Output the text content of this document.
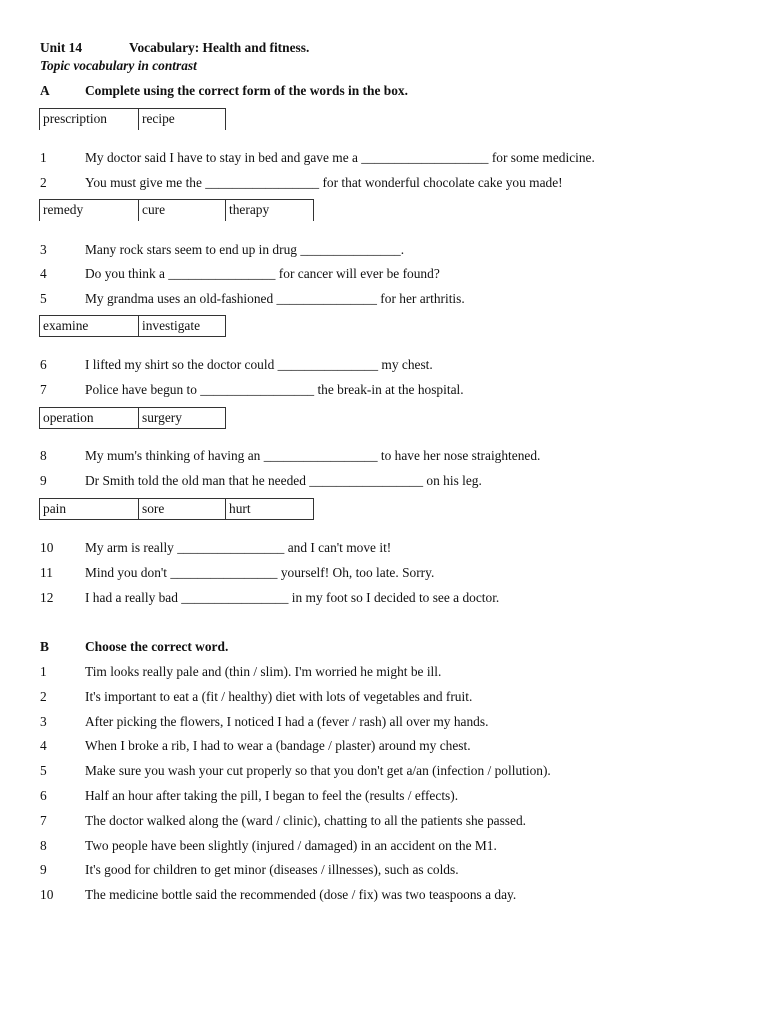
Unit 14	Vocabulary: Health and fitness.
Topic vocabulary in contrast
A	Complete using the correct form of the words in the box.
prescription	recipe
1	My doctor said I have to stay in bed and gave me a ___________________ for some medicine.
2	You must give me the _________________ for that wonderful chocolate cake you made!
remedy	cure	therapy
3	Many rock stars seem to end up in drug _______________.
4	Do you think a ________________ for cancer will ever be found?
5	My grandma uses an old-fashioned _______________ for her arthritis.
examine	investigate
6	I lifted my shirt so the doctor could _______________ my chest.
7	Police have begun to _________________ the break-in at the hospital.
operation	surgery
8	My mum's thinking of having an _________________ to have her nose straightened.
9	Dr Smith told the old man that he needed _________________ on his leg.
pain	sore	hurt
10 My arm is really ________________ and I can't move it!
11 Mind you don't ________________ yourself! Oh, too late. Sorry.
12 I had a really bad ________________ in my foot so I decided to see a doctor.
B	Choose the correct word.
1	Tim looks really pale and (thin / slim). I'm worried he might be ill.
2	It's important to eat a (fit / healthy) diet with lots of vegetables and fruit.
3	After picking the flowers, I noticed I had a (fever / rash) all over my hands.
4	When I broke a rib, I had to wear a (bandage / plaster) around my chest.
5	Make sure you wash your cut properly so that you don't get a/an (infection / pollution).
6	Half an hour after taking the pill, I began to feel the (results / effects).
7	The doctor walked along the (ward / clinic), chatting to all the patients she passed.
8	Two people have been slightly (injured / damaged) in an accident on the M1.
9	It's good for children to get minor (diseases / illnesses), such as colds.
10 The medicine bottle said the recommended (dose / fix) was two teaspoons a day.
